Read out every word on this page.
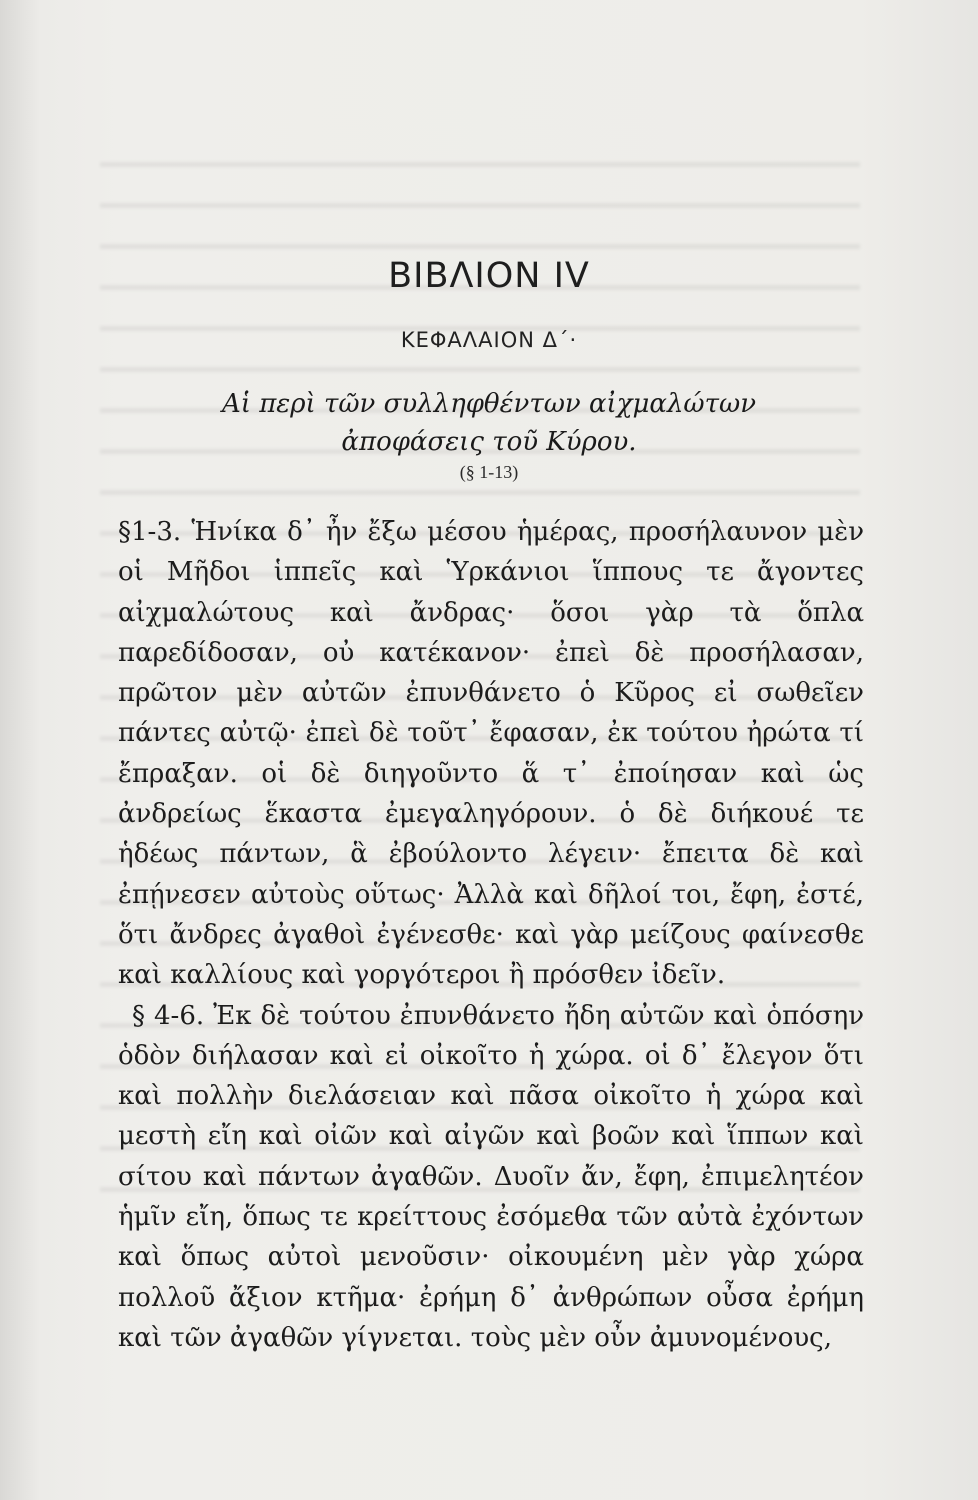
ΒΙΒΛΙΟΝ IV
ΚΕΦΑΛΑΙΟΝ Δ΄·
Αἱ περὶ τῶν συλληφθέντων αἰχμαλώτων
ἀποφάσεις τοῦ Κύρου.
(§ 1-13)

§1-3. Ἡνίκα δ᾽ ἦν ἔξω μέσου ἡμέρας, προσήλαυνον μὲν οἱ Μῆδοι ἱππεῖς καὶ Ὑρκάνιοι ἵππους τε ἄγοντες αἰχμαλώτους καὶ ἄνδρας· ὅσοι γὰρ τὰ ὅπλα παρεδίδοσαν, οὐ κατέκανον· ἐπεὶ δὲ προσήλασαν, πρῶτον μὲν αὐτῶν ἐπυνθάνετο ὁ Κῦρος εἰ σωθεῖεν πάντες αὐτῷ· ἐπεὶ δὲ τοῦτ᾽ ἔφασαν, ἐκ τούτου ἠρώτα τί ἔπραξαν. οἱ δὲ διηγοῦντο ἅ τ᾽ ἐποίησαν καὶ ὡς ἀνδρείως ἕκαστα ἐμεγαληγόρουν. ὁ δὲ διήκουέ τε ἡδέως πάντων, ἃ ἐβούλοντο λέγειν· ἔπειτα δὲ καὶ ἐπῄνεσεν αὐτοὺς οὕτως· Ἀλλὰ καὶ δῆλοί τοι, ἔφη, ἐστέ, ὅτι ἄνδρες ἀγαθοὶ ἐγένεσθε· καὶ γὰρ μείζους φαίνεσθε καὶ καλλίους καὶ γοργότεροι ἢ πρόσθεν ἰδεῖν.

§ 4-6. Ἐκ δὲ τούτου ἐπυνθάνετο ἤδη αὐτῶν καὶ ὁπόσην ὁδὸν διήλασαν καὶ εἰ οἰκοῖτο ἡ χώρα. οἱ δ᾽ ἔλεγον ὅτι καὶ πολλὴν διελάσειαν καὶ πᾶσα οἰκοῖτο ἡ χώρα καὶ μεστὴ εἴη καὶ οἰῶν καὶ αἰγῶν καὶ βοῶν καὶ ἵππων καὶ σίτου καὶ πάντων ἀγαθῶν. Δυοῖν ἄν, ἔφη, ἐπιμελητέον ἡμῖν εἴη, ὅπως τε κρείττους ἐσόμεθα τῶν αὐτὰ ἐχόντων καὶ ὅπως αὐτοὶ μενοῦσιν· οἰκουμένη μὲν γὰρ χώρα πολλοῦ ἄξιον κτῆμα· ἐρήμη δ᾽ ἀνθρώπων οὖσα ἐρήμη καὶ τῶν ἀγαθῶν γίγνεται. τοὺς μὲν οὖν ἀμυνομένους,
